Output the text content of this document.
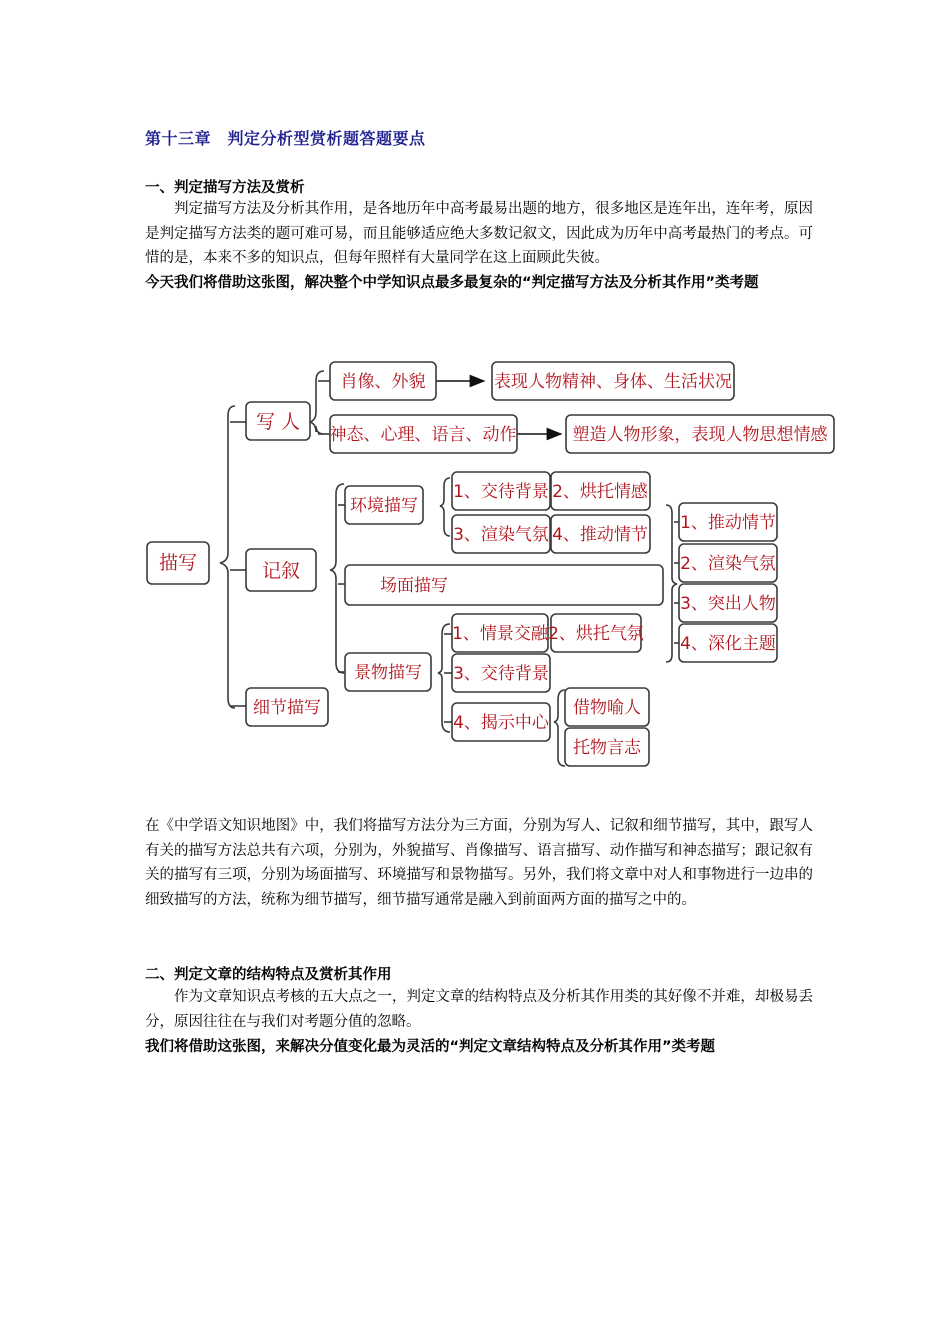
第十三章　判定分析型赏析题答题要点
一、判定描写方法及赏析
判定描写方法及分析其作用，是各地历年中高考最易出题的地方，很多地区是连年出，连年考，原因是判定描写方法类的题可难可易，而且能够适应绝大多数记叙文，因此成为历年中高考最热门的考点。可惜的是，本来不多的知识点，但每年照样有大量同学在这上面顾此失彼。
今天我们将借助这张图，解决整个中学知识点最多最复杂的“判定描写方法及分析其作用”类考题
描写
写 人
记叙
细节描写
肖像、外貌	表现人物精神、身体、生活状况
神态、心理、语言、动作	塑造人物形象，表现人物思想情感
环境描写
1、交待背景 2、烘托情感
3、渲染气氛 4、推动情节
场面描写
1、推动情节
2、渲染气氛
3、突出人物
4、深化主题
景物描写
1、情景交融 2、烘托气氛
3、交待背景
4、揭示中心
借物喻人
托物言志
在《中学语文知识地图》中，我们将描写方法分为三方面，分别为写人、记叙和细节描写，其中，跟写人有关的描写方法总共有六项，分别为，外貌描写、肖像描写、语言描写、动作描写和神态描写；跟记叙有关的描写有三项，分别为场面描写、环境描写和景物描写。另外，我们将文章中对人和事物进行一边串的细致描写的方法，统称为细节描写，细节描写通常是融入到前面两方面的描写之中的。
二、判定文章的结构特点及赏析其作用
作为文章知识点考核的五大点之一，判定文章的结构特点及分析其作用类的其好像不并难，却极易丢分，原因往往在与我们对考题分值的忽略。
我们将借助这张图，来解决分值变化最为灵活的“判定文章结构特点及分析其作用”类考题
